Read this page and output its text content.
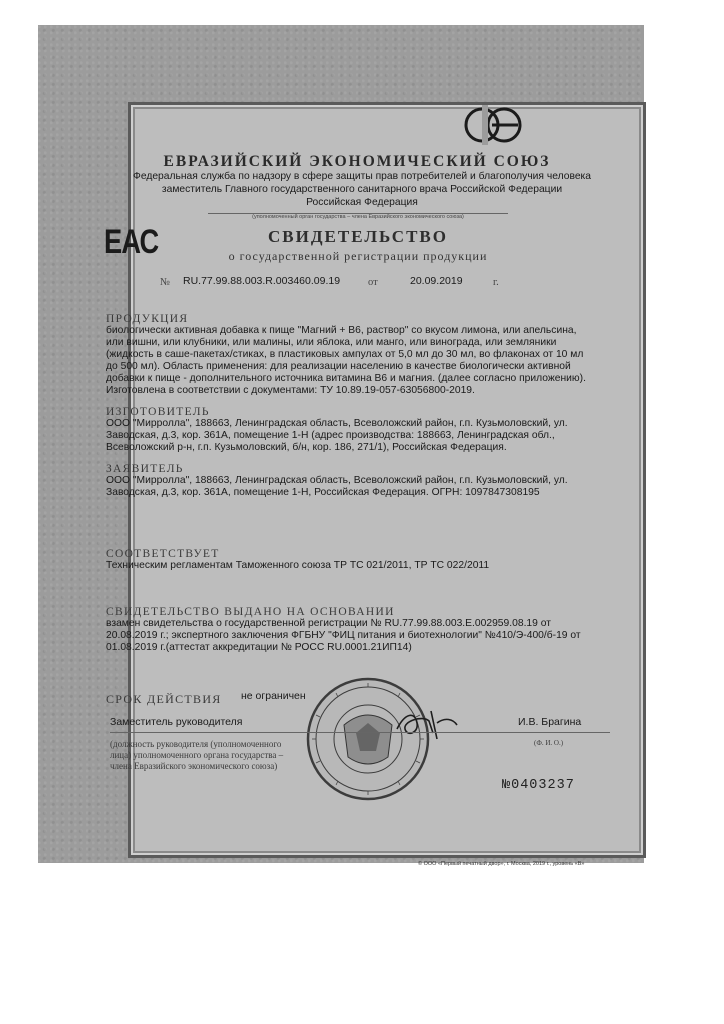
ЕВРАЗИЙСКИЙ ЭКОНОМИЧЕСКИЙ СОЮЗ
Федеральная служба по надзору в сфере защиты прав потребителей и благополучия человека
заместитель Главного государственного санитарного врача Российской Федерации
Российская Федерация
(уполномоченный орган государства – члена Евразийского экономического союза)
ЕАС	СВИДЕТЕЛЬСТВО
о государственной регистрации продукции
№ RU.77.99.88.003.R.003460.09.19	от	20.09.2019	г.
ПРОДУКЦИЯ
биологически активная добавка к пище "Магний + В6, раствор" со вкусом лимона, или апельсина,
или вишни, или клубники, или малины, или яблока, или манго, или винограда, или земляники
(жидкость в саше-пакетах/стиках, в пластиковых ампулах от 5,0 мл до 30 мл, во флаконах от 10 мл
до 500 мл). Область применения: для реализации населению в качестве биологически активной
добавки к пище - дополнительного источника витамина В6 и магния. (далее согласно приложению).
Изготовлена в соответствии с документами: ТУ 10.89.19-057-63056800-2019.
ИЗГОТОВИТЕЛЬ
ООО "Мирролла", 188663, Ленинградская область, Всеволожский район, г.п. Кузьмоловский, ул.
Заводская, д.3, кор. 361А, помещение 1-Н (адрес производства: 188663, Ленинградская обл.,
Всеволожский р-н, г.п. Кузьмоловский, б/н, кор. 186, 271/1), Российская Федерация.
ЗАЯВИТЕЛЬ
ООО "Мирролла", 188663, Ленинградская область, Всеволожский район, г.п. Кузьмоловский, ул.
Заводская, д.3, кор. 361А, помещение 1-Н, Российская Федерация. ОГРН: 1097847308195
СООТВЕТСТВУЕТ
Техническим регламентам Таможенного союза ТР ТС 021/2011, ТР ТС 022/2011
СВИДЕТЕЛЬСТВО ВЫДАНО НА ОСНОВАНИИ
взамен свидетельства о государственной регистрации № RU.77.99.88.003.E.002959.08.19 от
20.08.2019 г.; экспертного заключения ФГБНУ "ФИЦ питания и биотехнологии" №410/Э-400/б-19 от
01.08.2019 г.(аттестат аккредитации № РОСС RU.0001.21ИП14)
СРОК ДЕЙСТВИЯ не ограничен
Заместитель руководителя	И.В. Брагина
(должность руководителя (уполномоченного
лица) уполномоченного органа государства –
члена Евразийского экономического союза)
(Ф. И. О.)
№0403237
© ООО «Первый печатный двор», г. Москва, 2019 г., уровень «В»
